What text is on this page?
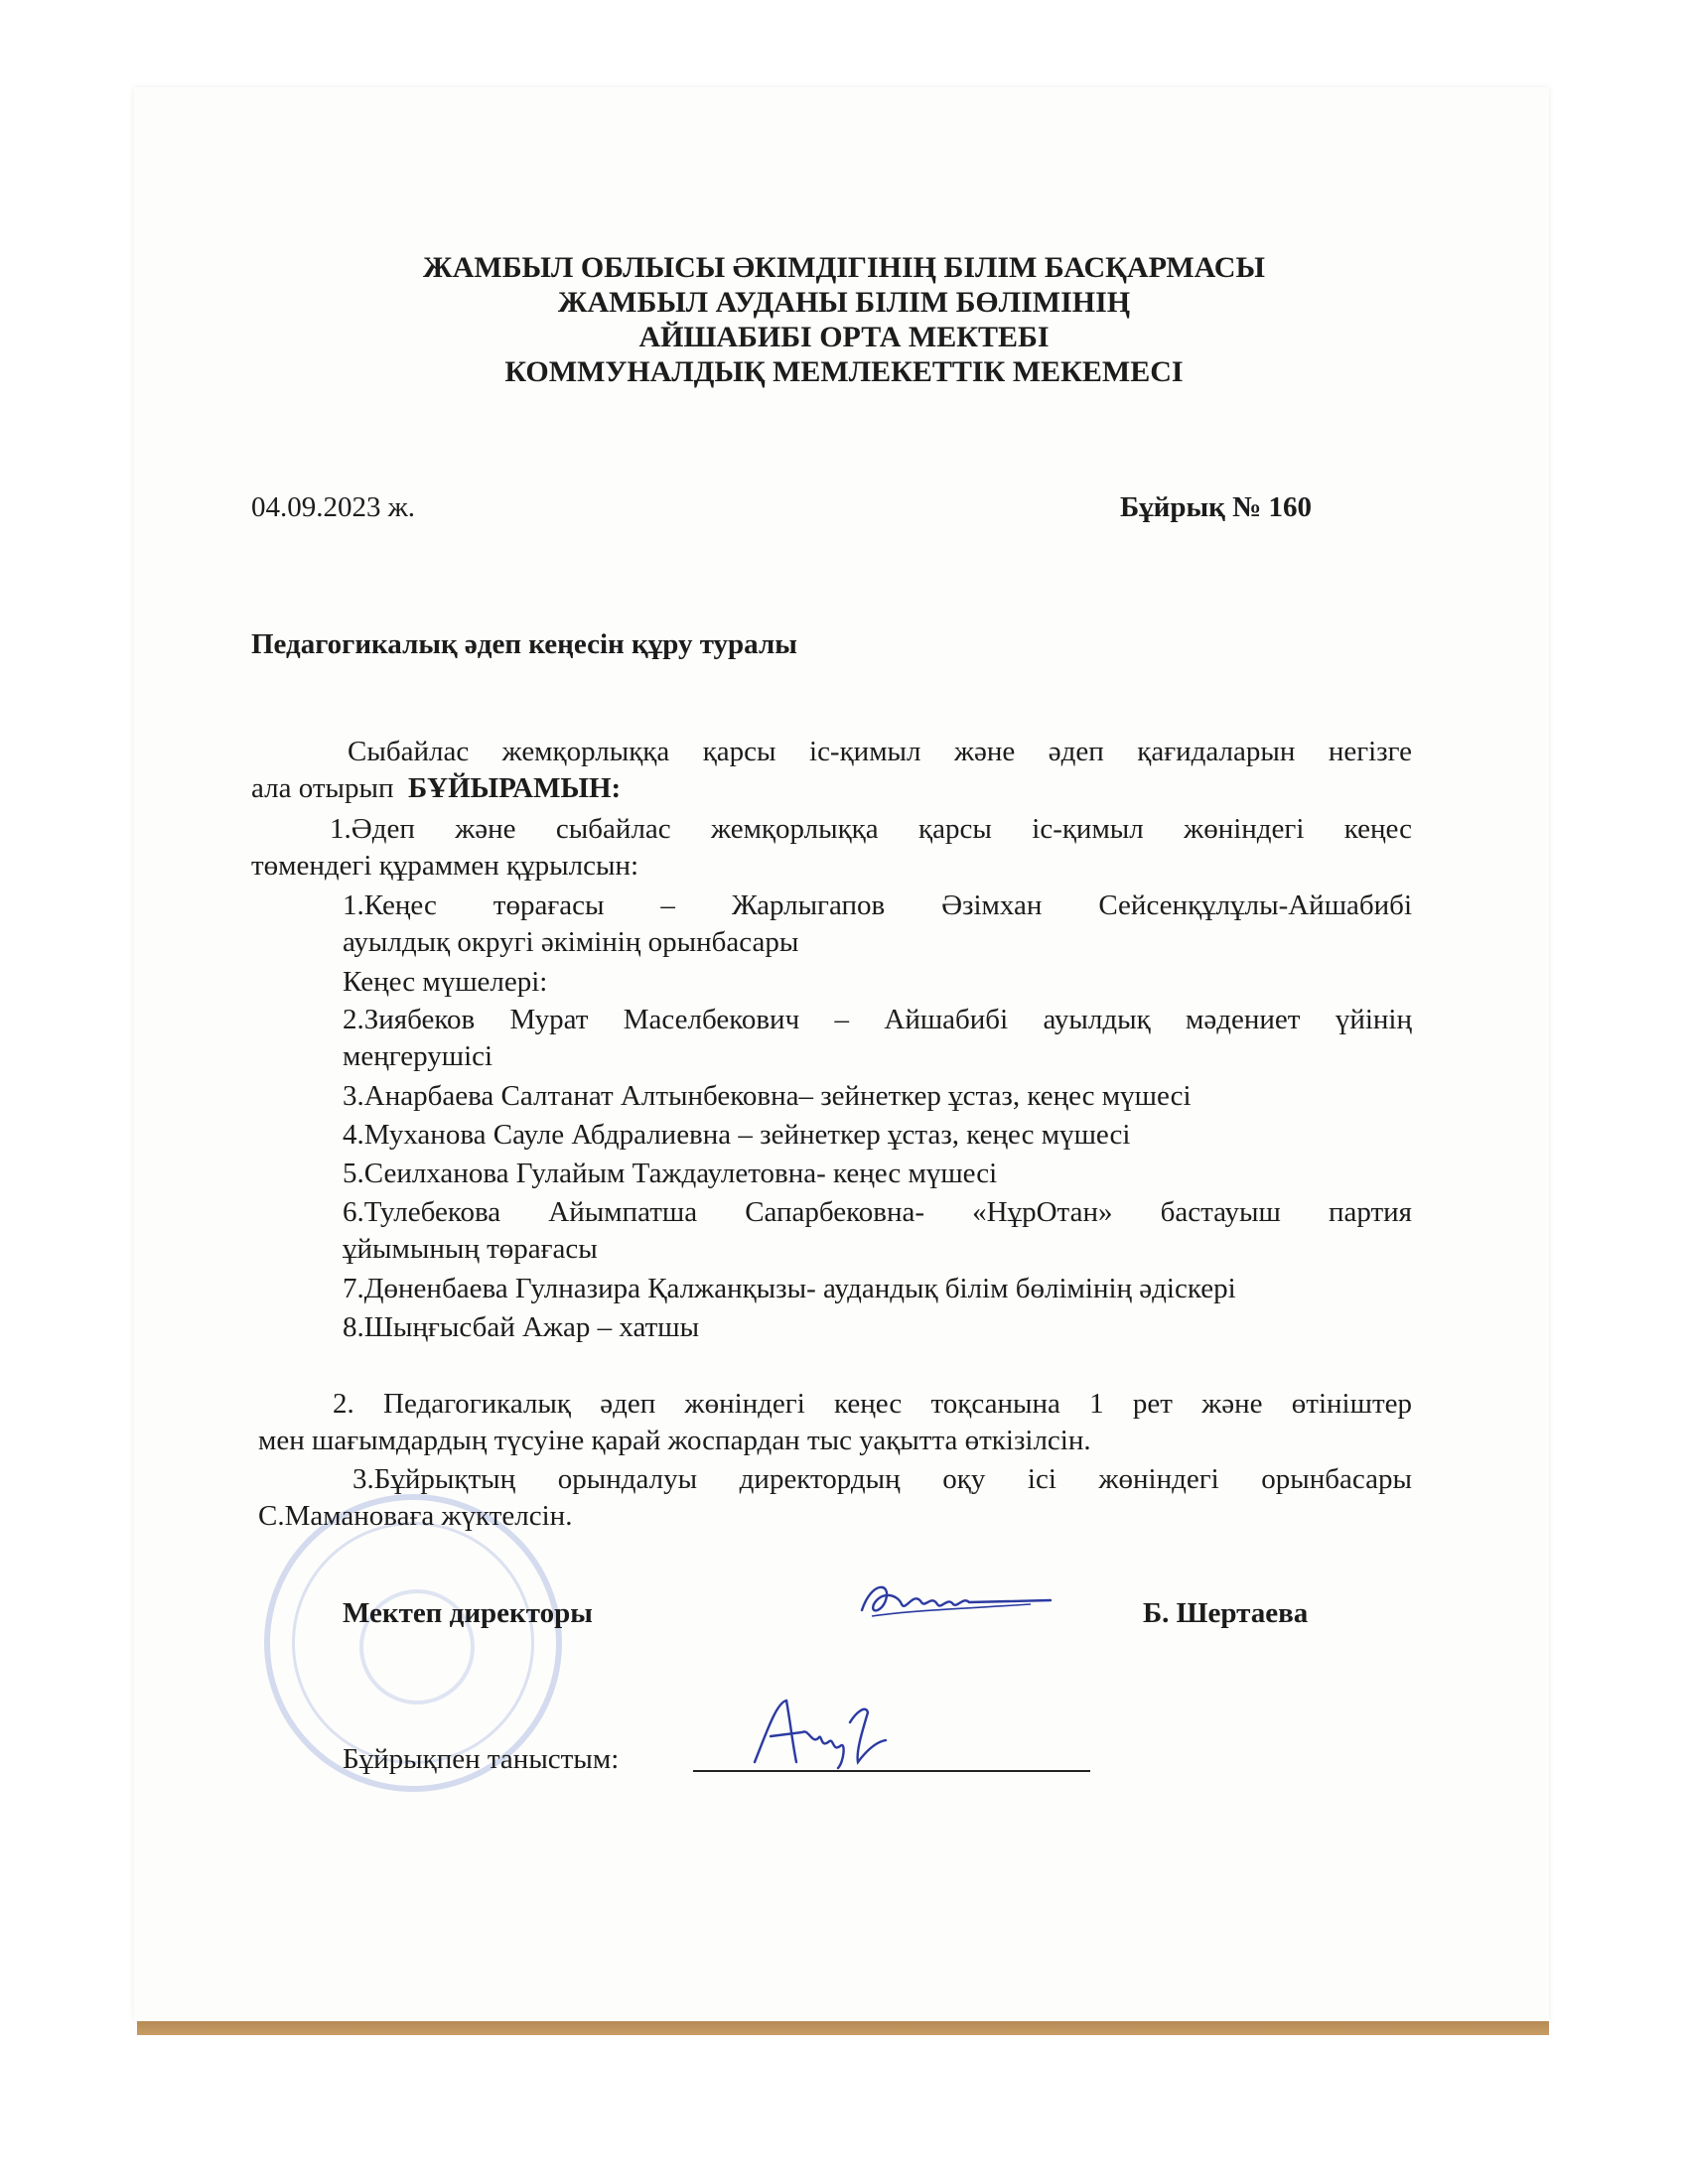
ЖАМБЫЛ ОБЛЫСЫ ӘКІМДІГІНІҢ БІЛІМ БАСҚАРМАСЫ
ЖАМБЫЛ АУДАНЫ БІЛІМ БӨЛІМІНІҢ
АЙШАБИБІ ОРТА МЕКТЕБІ
КОММУНАЛДЫҚ МЕМЛЕКЕТТІК МЕКЕМЕСІ
04.09.2023 ж.	Бұйрық № 160
Педагогикалық әдеп кеңесін құру туралы
Сыбайлас жемқорлыққа қарсы іс-қимыл және әдеп қағидаларын негізге
ала отырып БҰЙЫРАМЫН:
1.Әдеп және сыбайлас жемқорлыққа қарсы іс-қимыл жөніндегі кеңес
төмендегі құраммен құрылсын:
1.Кеңес төрағасы – Жарлыгапов Әзімхан Сейсенқұлұлы-Айшабибі
ауылдық округі әкімінің орынбасары
Кеңес мүшелері:
2.Зиябеков Мурат Маселбекович – Айшабибі ауылдық мәдениет үйінің
меңгерушісі
3.Анарбаева Салтанат Алтынбековна– зейнеткер ұстаз, кеңес мүшесі
4.Муханова Сауле Абдралиевна – зейнеткер ұстаз, кеңес мүшесі
5.Сеилханова Гулайым Таждаулетовна- кеңес мүшесі
6.Тулебекова Айымпатша Сапарбековна- «НұрОтан» бастауыш партия
ұйымының төрағасы
7.Дөненбаева Гулназира Қалжанқызы- аудандық білім бөлімінің әдіскері
8.Шыңғысбай Ажар – хатшы
2. Педагогикалық әдеп жөніндегі кеңес тоқсанына 1 рет және өтініштер
мен шағымдардың түсуіне қарай жоспардан тыс уақытта өткізілсін.
3.Бұйрықтың орындалуы директордың оқу ісі жөніндегі орынбасары
С.Мамановаға жүктелсін.
Мектеп директоры	Б. Шертаева
Бұйрықпен таныстым:
